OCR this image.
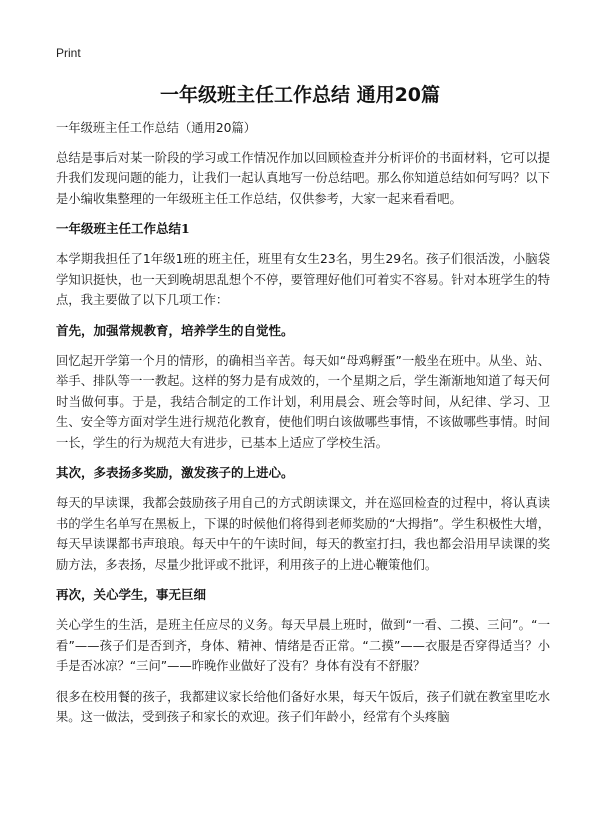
Print
一年级班主任工作总结 通用20篇

一年级班主任工作总结（通用20篇）

总结是事后对某一阶段的学习或工作情况作加以回顾检查并分析评价的书面材料，它可以提升我们发现问题的能力，让我们一起认真地写一份总结吧。那么你知道总结如何写吗？以下是小编收集整理的一年级班主任工作总结，仅供参考，大家一起来看看吧。

一年级班主任工作总结1

本学期我担任了1年级1班的班主任，班里有女生23名，男生29名。孩子们很活泼，小脑袋学知识挺快，也一天到晚胡思乱想个不停，要管理好他们可着实不容易。针对本班学生的特点，我主要做了以下几项工作：

首先，加强常规教育，培养学生的自觉性。

回忆起开学第一个月的情形，的确相当辛苦。每天如“母鸡孵蛋”一般坐在班中。从坐、站、举手、排队等一一教起。这样的努力是有成效的，一个星期之后，学生渐渐地知道了每天何时当做何事。于是，我结合制定的工作计划，利用晨会、班会等时间，从纪律、学习、卫生、安全等方面对学生进行规范化教育，使他们明白该做哪些事情，不该做哪些事情。时间一长，学生的行为规范大有进步，已基本上适应了学校生活。

其次，多表扬多奖励，激发孩子的上进心。

每天的早读课，我都会鼓励孩子用自己的方式朗读课文，并在巡回检查的过程中，将认真读书的学生名单写在黑板上，下课的时候他们将得到老师奖励的“大拇指”。学生积极性大增，每天早读课都书声琅琅。每天中午的午读时间，每天的教室打扫，我也都会沿用早读课的奖励方法，多表扬，尽量少批评或不批评，利用孩子的上进心鞭策他们。

再次，关心学生，事无巨细

关心学生的生活，是班主任应尽的义务。每天早晨上班时，做到“一看、二摸、三问”。“一看”——孩子们是否到齐，身体、精神、情绪是否正常。“二摸”——衣服是否穿得适当？小手是否冰凉？“三问”——昨晚作业做好了没有？身体有没有不舒服？

很多在校用餐的孩子，我都建议家长给他们备好水果，每天午饭后，孩子们就在教室里吃水果。这一做法，受到孩子和家长的欢迎。孩子们年龄小，经常有个头疼脑
